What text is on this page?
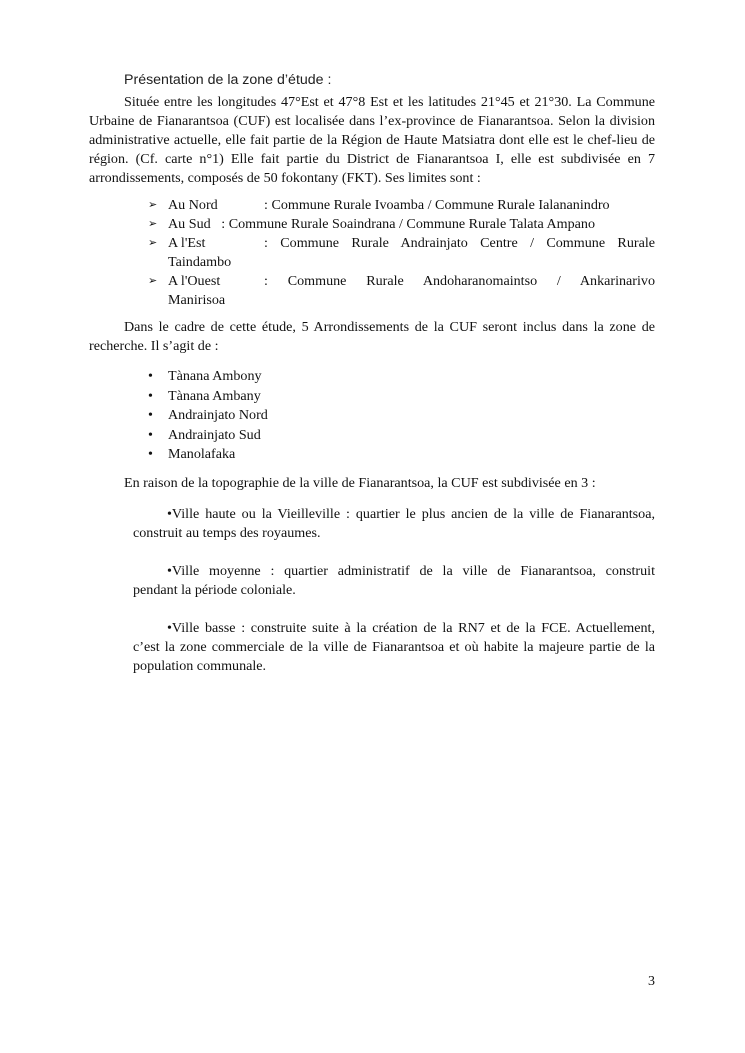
Présentation de la zone d’étude :

Située entre les longitudes 47°Est et 47°8 Est et les latitudes 21°45 et 21°30. La Commune Urbaine de Fianarantsoa (CUF) est localisée dans l’ex-province de Fianarantsoa. Selon la division administrative actuelle, elle fait partie de la Région de Haute Matsiatra dont elle est le chef-lieu de région. (Cf. carte n°1) Elle fait partie du District de Fianarantsoa I, elle est subdivisée en 7 arrondissements, composés de 50 fokontany (FKT). Ses limites sont :

➢ Au Nord	: Commune Rurale Ivoamba / Commune Rurale Ialananindro
➢ Au Sud : Commune Rurale Soaindrana / Commune Rurale Talata Ampano
➢ A l'Est	: Commune Rurale Andrainjato Centre / Commune Rurale
Taindambo
➢ A l'Ouest	: Commune Rurale Andoharanomaintso / Ankarinarivo
Manirisoa

Dans le cadre de cette étude, 5 Arrondissements de la CUF seront inclus dans la zone de recherche. Il s’agit de :

•	Tànana Ambony
•	Tànana Ambany
•	Andrainjato Nord
•	Andrainjato Sud
•	Manolafaka

En raison de la topographie de la ville de Fianarantsoa, la CUF est subdivisée en 3 :

•Ville haute ou la Vieilleville : quartier le plus ancien de la ville de Fianarantsoa,
construit au temps des royaumes.
•Ville moyenne : quartier administratif de la ville de Fianarantsoa, construit
pendant la période coloniale.
•Ville basse : construite suite à la création de la RN7 et de la FCE. Actuellement,
c’est la zone commerciale de la ville de Fianarantsoa et où habite la majeure partie de la population communale.
3
